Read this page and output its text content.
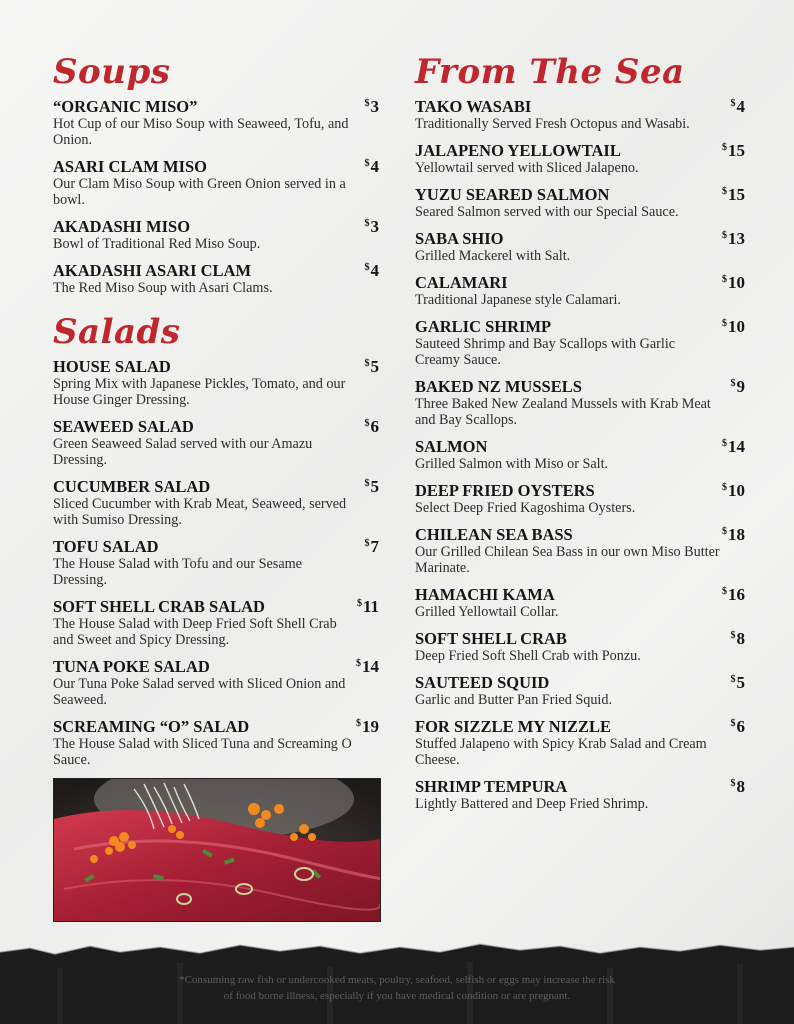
Soups
“ORGANIC MISO”	$3
Hot Cup of our Miso Soup with Seaweed, Tofu, and Onion.
ASARI CLAM MISO	$4
Our Clam Miso Soup with Green Onion served in a bowl.
AKADASHI MISO	$3
Bowl of Traditional Red Miso Soup.
AKADASHI ASARI CLAM	$4
The Red Miso Soup with Asari Clams.
Salads
HOUSE SALAD	$5
Spring Mix with Japanese Pickles, Tomato, and our House Ginger Dressing.
SEAWEED SALAD	$6
Green Seaweed Salad served with our Amazu Dressing.
CUCUMBER SALAD	$5
Sliced Cucumber with Krab Meat, Seaweed, served with Sumiso Dressing.
TOFU SALAD	$7
The House Salad with Tofu and our Sesame Dressing.
SOFT SHELL CRAB SALAD	$11
The House Salad with Deep Fried Soft Shell Crab and Sweet and Spicy Dressing.
TUNA POKE SALAD	$14
Our Tuna Poke Salad served with Sliced Onion and Seaweed.
SCREAMING “O” SALAD	$19
The House Salad with Sliced Tuna and Screaming O Sauce.
From The Sea
TAKO WASABI	$4
Traditionally Served Fresh Octopus and Wasabi.
JALAPENO YELLOWTAIL	$15
Yellowtail served with Sliced Jalapeno.
YUZU SEARED SALMON	$15
Seared Salmon served with our Special Sauce.
SABA SHIO	$13
Grilled Mackerel with Salt.
CALAMARI	$10
Traditional Japanese style Calamari.
GARLIC SHRIMP	$10
Sauteed Shrimp and Bay Scallops with Garlic Creamy Sauce.
BAKED NZ MUSSELS	$9
Three Baked New Zealand Mussels with Krab Meat and Bay Scallops.
SALMON	$14
Grilled Salmon with Miso or Salt.
DEEP FRIED OYSTERS	$10
Select Deep Fried Kagoshima Oysters.
CHILEAN SEA BASS	$18
Our Grilled Chilean Sea Bass in our own Miso Butter Marinate.
HAMACHI KAMA	$16
Grilled Yellowtail Collar.
SOFT SHELL CRAB	$8
Deep Fried Soft Shell Crab with Ponzu.
SAUTEED SQUID	$5
Garlic and Butter Pan Fried Squid.
FOR SIZZLE MY NIZZLE	$6
Stuffed Jalapeno with Spicy Krab Salad and Cream Cheese.
SHRIMP TEMPURA	$8
Lightly Battered and Deep Fried Shrimp.
*Consuming raw fish or undercooked meats, poultry, seafood, selfish or eggs may increase the risk
of food borne illness, especially if you have medical condition or are pregnant.
